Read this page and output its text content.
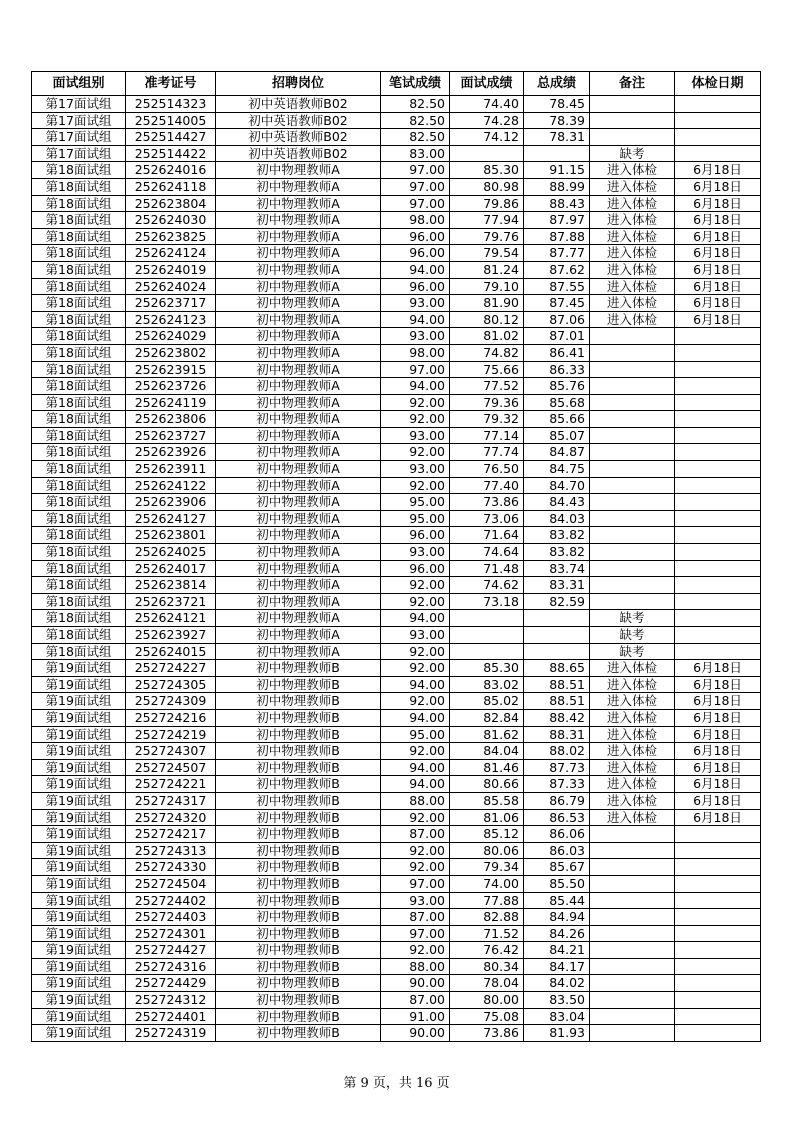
面试组别	准考证号	招聘岗位	笔试成绩	面试成绩	总成绩	备注	体检日期
第17面试组	252514323	初中英语教师B02	82.50	74.40	78.45		
第17面试组	252514005	初中英语教师B02	82.50	74.28	78.39		
第17面试组	252514427	初中英语教师B02	82.50	74.12	78.31		
第17面试组	252514422	初中英语教师B02	83.00			缺考	
第18面试组	252624016	初中物理教师A	97.00	85.30	91.15	进入体检	6月18日
第18面试组	252624118	初中物理教师A	97.00	80.98	88.99	进入体检	6月18日
第18面试组	252623804	初中物理教师A	97.00	79.86	88.43	进入体检	6月18日
第18面试组	252624030	初中物理教师A	98.00	77.94	87.97	进入体检	6月18日
第18面试组	252623825	初中物理教师A	96.00	79.76	87.88	进入体检	6月18日
第18面试组	252624124	初中物理教师A	96.00	79.54	87.77	进入体检	6月18日
第18面试组	252624019	初中物理教师A	94.00	81.24	87.62	进入体检	6月18日
第18面试组	252624024	初中物理教师A	96.00	79.10	87.55	进入体检	6月18日
第18面试组	252623717	初中物理教师A	93.00	81.90	87.45	进入体检	6月18日
第18面试组	252624123	初中物理教师A	94.00	80.12	87.06	进入体检	6月18日
第18面试组	252624029	初中物理教师A	93.00	81.02	87.01		
第18面试组	252623802	初中物理教师A	98.00	74.82	86.41		
第18面试组	252623915	初中物理教师A	97.00	75.66	86.33		
第18面试组	252623726	初中物理教师A	94.00	77.52	85.76		
第18面试组	252624119	初中物理教师A	92.00	79.36	85.68		
第18面试组	252623806	初中物理教师A	92.00	79.32	85.66		
第18面试组	252623727	初中物理教师A	93.00	77.14	85.07		
第18面试组	252623926	初中物理教师A	92.00	77.74	84.87		
第18面试组	252623911	初中物理教师A	93.00	76.50	84.75		
第18面试组	252624122	初中物理教师A	92.00	77.40	84.70		
第18面试组	252623906	初中物理教师A	95.00	73.86	84.43		
第18面试组	252624127	初中物理教师A	95.00	73.06	84.03		
第18面试组	252623801	初中物理教师A	96.00	71.64	83.82		
第18面试组	252624025	初中物理教师A	93.00	74.64	83.82		
第18面试组	252624017	初中物理教师A	96.00	71.48	83.74		
第18面试组	252623814	初中物理教师A	92.00	74.62	83.31		
第18面试组	252623721	初中物理教师A	92.00	73.18	82.59		
第18面试组	252624121	初中物理教师A	94.00			缺考	
第18面试组	252623927	初中物理教师A	93.00			缺考	
第18面试组	252624015	初中物理教师A	92.00			缺考	
第19面试组	252724227	初中物理教师B	92.00	85.30	88.65	进入体检	6月18日
第19面试组	252724305	初中物理教师B	94.00	83.02	88.51	进入体检	6月18日
第19面试组	252724309	初中物理教师B	92.00	85.02	88.51	进入体检	6月18日
第19面试组	252724216	初中物理教师B	94.00	82.84	88.42	进入体检	6月18日
第19面试组	252724219	初中物理教师B	95.00	81.62	88.31	进入体检	6月18日
第19面试组	252724307	初中物理教师B	92.00	84.04	88.02	进入体检	6月18日
第19面试组	252724507	初中物理教师B	94.00	81.46	87.73	进入体检	6月18日
第19面试组	252724221	初中物理教师B	94.00	80.66	87.33	进入体检	6月18日
第19面试组	252724317	初中物理教师B	88.00	85.58	86.79	进入体检	6月18日
第19面试组	252724320	初中物理教师B	92.00	81.06	86.53	进入体检	6月18日
第19面试组	252724217	初中物理教师B	87.00	85.12	86.06		
第19面试组	252724313	初中物理教师B	92.00	80.06	86.03		
第19面试组	252724330	初中物理教师B	92.00	79.34	85.67		
第19面试组	252724504	初中物理教师B	97.00	74.00	85.50		
第19面试组	252724402	初中物理教师B	93.00	77.88	85.44		
第19面试组	252724403	初中物理教师B	87.00	82.88	84.94		
第19面试组	252724301	初中物理教师B	97.00	71.52	84.26		
第19面试组	252724427	初中物理教师B	92.00	76.42	84.21		
第19面试组	252724316	初中物理教师B	88.00	80.34	84.17		
第19面试组	252724429	初中物理教师B	90.00	78.04	84.02		
第19面试组	252724312	初中物理教师B	87.00	80.00	83.50		
第19面试组	252724401	初中物理教师B	91.00	75.08	83.04		
第19面试组	252724319	初中物理教师B	90.00	73.86	81.93		
第 9 页，共 16 页
